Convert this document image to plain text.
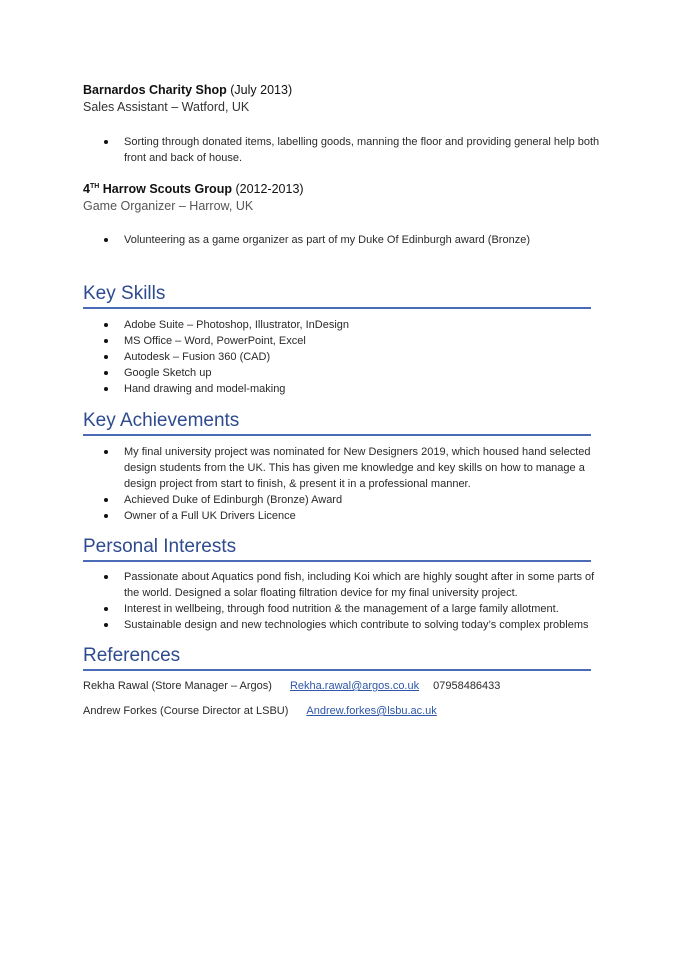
Barnardos Charity Shop (July 2013)
Sales Assistant – Watford, UK
Sorting through donated items, labelling goods, manning the floor and providing general help both front and back of house.
4TH Harrow Scouts Group (2012-2013)
Game Organizer – Harrow, UK
Volunteering as a game organizer as part of my Duke Of Edinburgh award (Bronze)
Key Skills
Adobe Suite – Photoshop, Illustrator, InDesign
MS Office – Word, PowerPoint, Excel
Autodesk – Fusion 360 (CAD)
Google Sketch up
Hand drawing and model-making
Key Achievements
My final university project was nominated for New Designers 2019, which housed hand selected design students from the UK. This has given me knowledge and key skills on how to manage a design project from start to finish, & present it in a professional manner.
Achieved Duke of Edinburgh (Bronze) Award
Owner of a Full UK Drivers Licence
Personal Interests
Passionate about Aquatics pond fish, including Koi which are highly sought after in some parts of the world. Designed a solar floating filtration device for my final university project.
Interest in wellbeing, through food nutrition & the management of a large family allotment.
Sustainable design and new technologies which contribute to solving today’s complex problems
References
Rekha Rawal (Store Manager – Argos) Rekha.rawal@argos.co.uk 07958486433
Andrew Forkes (Course Director at LSBU) Andrew.forkes@lsbu.ac.uk
